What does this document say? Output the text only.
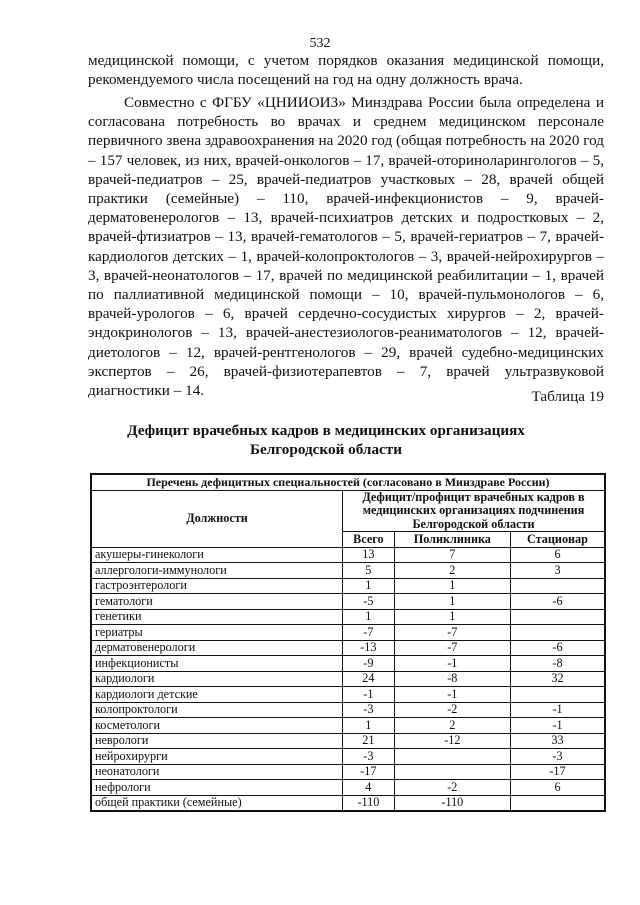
532
медицинской помощи, с учетом порядков оказания медицинской помощи, рекомендуемого числа посещений на год на одну должность врача.
Совместно с ФГБУ «ЦНИИОИЗ» Минздрава России была определена и согласована потребность во врачах и среднем медицинском персонале первичного звена здравоохранения на 2020 год (общая потребность на 2020 год – 157 человек, из них, врачей-онкологов – 17, врачей-оториноларингологов – 5, врачей-педиатров – 25, врачей-педиатров участковых – 28, врачей общей практики (семейные) – 110, врачей-инфекционистов – 9, врачей-дерматовенерологов – 13, врачей-психиатров детских и подростковых – 2, врачей-фтизиатров – 13, врачей-гематологов – 5, врачей-гериатров – 7, врачей-кардиологов детских – 1, врачей-колопроктологов – 3, врачей-нейрохирургов – 3, врачей-неонатологов – 17, врачей по медицинской реабилитации – 1, врачей по паллиативной медицинской помощи – 10, врачей-пульмонологов – 6, врачей-урологов – 6, врачей сердечно-сосудистых хирургов – 2, врачей-эндокринологов – 13, врачей-анестезиологов-реаниматологов – 12, врачей-диетологов – 12, врачей-рентгенологов – 29, врачей судебно-медицинских экспертов – 26, врачей-физиотерапевтов – 7, врачей ультразвуковой диагностики – 14.	Таблица 19
Дефицит врачебных кадров в медицинских организациях Белгородской области
Перечень дефицитных специальностей (согласовано в Минздраве России)			
Должности	Дефицит/профицит врачебных кадров в медицинских организациях подчинения Белгородской области		
	Всего	Поликлиника	Стационар
акушеры-гинекологи	13	7	6
аллергологи-иммунологи	5	2	3
гастроэнтерологи	1	1	
гематологи	-5	1	-6
генетики	1	1	
гериатры	-7	-7	
дерматовенерологи	-13	-7	-6
инфекционисты	-9	-1	-8
кардиологи	24	-8	32
кардиологи детские	-1	-1	
колопроктологи	-3	-2	-1
косметологи	1	2	-1
неврологи	21	-12	33
нейрохирурги	-3		-3
неонатологи	-17		-17
нефрологи	4	-2	6
общей практики (семейные)	-110	-110	
